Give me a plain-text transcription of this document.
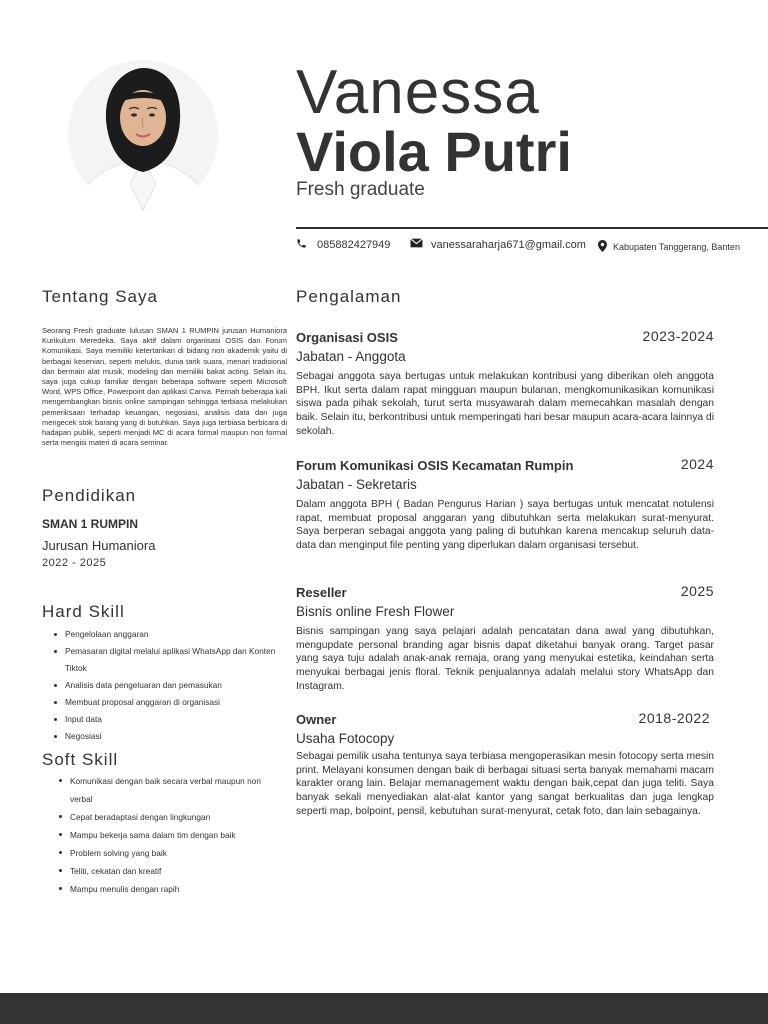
Vanessa
Viola Putri
Fresh graduate
085882427949	vanessaraharja671@gmail.com	Kabupaten Tanggerang, Banten
Tentang Saya
Seorang Fresh graduate lulusan SMAN 1 RUMPIN jurusan Humaniora Kurikulum Meredeka. Saya aktif dalam organisasi OSIS dan Forum Komunikasi. Saya memiliki ketertarikan di bidang non akademik yaitu di berbagai kesenian, seperti melukis, dunia tarik suara, menari tradisional dan bermain alat musik, modeling dan memiliki bakat acting. Selain itu, saya juga cukup familiar dengan beberapa software seperti Microsoft Word, WPS Office, Powerpoint dan aplikasi Canva. Pernah beberapa kali mengembangkan bisnis online sampingan sehingga terbiasa melakukan pemeriksaan terhadap keuangan, negosiasi, analisis data dan juga mengecek stok barang yang di butuhkan. Saya juga terbiasa berbicara di hadapan publik, seperti menjadi MC di acara formal maupun non formal serta mengisi materi di acara seminar.
Pendidikan
SMAN 1 RUMPIN
Jurusan Humaniora
2022 - 2025
Hard Skill
Pengelolaan anggaran
Pemasaran digital melalui aplikasi WhatsApp dan Konten Tiktok
Analisis data pengeluaran dan pemasukan
Membuat proposal anggaran di organisasi
Input data
Negosiasi
Soft Skill
Komunikasi dengan baik secara verbal maupun non verbal
Cepat beradaptasi dengan lingkungan
Mampu bekerja sama dalam tim dengan baik
Problem solving yang baik
Teliti, cekatan dan kreatif
Mampu menulis dengan rapih
Pengalaman
Organisasi OSIS	2023-2024
Jabatan - Anggota
Sebagai anggota saya bertugas untuk melakukan kontribusi yang diberikan oleh anggota BPH. Ikut serta dalam rapat mingguan maupun bulanan, mengkomunikasikan komunikasi siswa pada pihak sekolah, turut serta musyawarah dalam memecahkan masalah dengan baik. Selain itu, berkontribusi untuk memperingati hari besar maupun acara-acara lainnya di sekolah.
Forum Komunikasi OSIS Kecamatan Rumpin	2024
Jabatan - Sekretaris
Dalam anggota BPH ( Badan Pengurus Harian ) saya bertugas untuk mencatat notulensi rapat, membuat proposal anggaran yang dibutuhkan serta melakukan surat-menyurat. Saya berperan sebagai anggota yang paling di butuhkan karena mencakup seluruh data-data dan menginput file penting yang diperlukan dalam organisasi tersebut.
Reseller	2025
Bisnis online Fresh Flower
Bisnis sampingan yang saya pelajari adalah pencatatan dana awal yang dibutuhkan, mengupdate personal branding agar bisnis dapat diketahui banyak orang. Target pasar yang saya tuju adalah anak-anak remaja, orang yang menyukai estetika, keindahan serta menyukai berbagai jenis floral. Teknik penjualannya adalah melalui story WhatsApp dan Instagram.
Owner	2018-2022
Usaha Fotocopy
Sebagai pemilik usaha tentunya saya terbiasa mengoperasikan mesin fotocopy serta mesin print. Melayani konsumen dengan baik di berbagai situasi serta banyak memahami macam karakter orang lain. Belajar memanagement waktu dengan baik,cepat dan juga teliti. Saya banyak sekali menyediakan alat-alat kantor yang sangat berkualitas dan juga lengkap seperti map, bolpoint, pensil, kebutuhan surat-menyurat, cetak foto, dan lain sebagainya.
